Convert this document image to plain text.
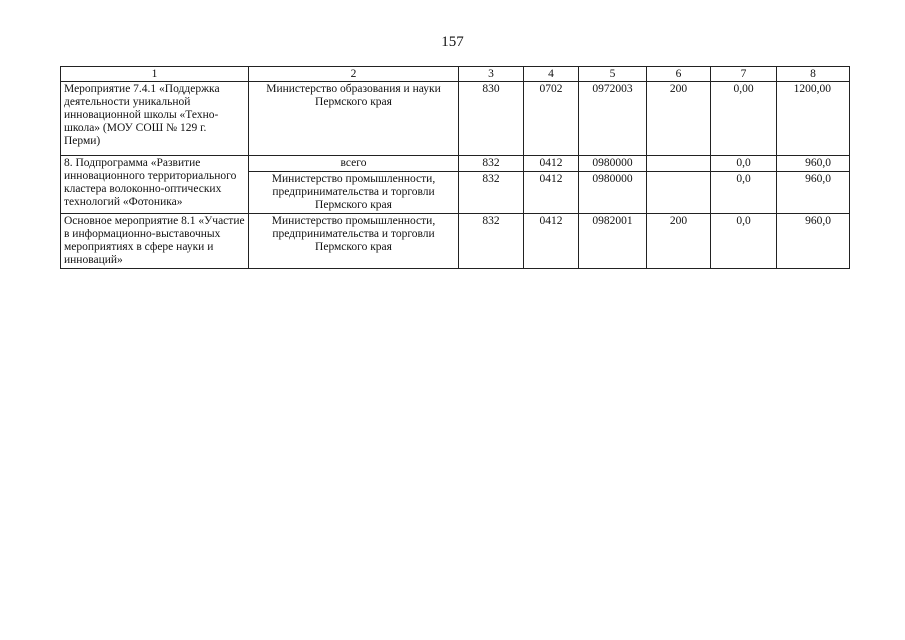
157
1	2	3	4	5	6	7	8
Мероприятие 7.4.1 «Поддержка деятельности уникальной инновационной школы «Техно-школа» (МОУ СОШ № 129 г. Перми)	Министерство образования и науки Пермского края	830	0702	0972003	200	0,00	1200,00
8. Подпрограмма «Развитие инновационного территориального кластера волоконно-оптических технологий «Фотоника»	всего	832	0412	0980000		0,0	960,0
	Министерство промышленности, предпринимательства и торговли Пермского края	832	0412	0980000		0,0	960,0
Основное мероприятие 8.1 «Участие в информационно-выставочных мероприятиях в сфере науки и инноваций»	Министерство промышленности, предпринимательства и торговли Пермского края	832	0412	0982001	200	0,0	960,0
